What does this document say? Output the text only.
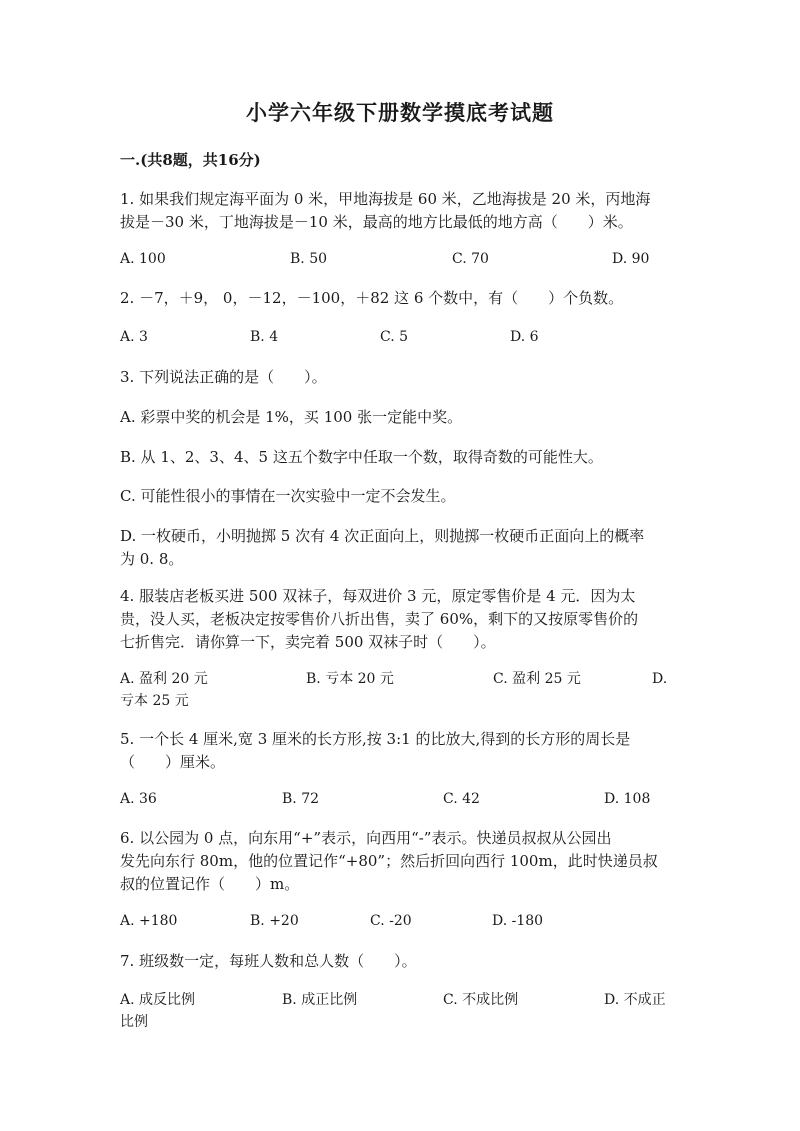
小学六年级下册数学摸底考试题
一.(共8题，共16分)
1. 如果我们规定海平面为 0 米，甲地海拔是 60 米，乙地海拔是 20 米，丙地海
拔是－30 米，丁地海拔是－10 米，最高的地方比最低的地方高（　　）米。
A. 100	B. 50	C. 70	D. 90
2. －7，＋9， 0，－12，－100，＋82 这 6 个数中，有（　　）个负数。
A. 3	B. 4	C. 5	D. 6
3. 下列说法正确的是（　　）。
A. 彩票中奖的机会是 1%，买 100 张一定能中奖。
B. 从 1、2、3、4、5 这五个数字中任取一个数，取得奇数的可能性大。
C. 可能性很小的事情在一次实验中一定不会发生。
D. 一枚硬币，小明抛掷 5 次有 4 次正面向上，则抛掷一枚硬币正面向上的概率
为 0. 8。
4. 服装店老板买进 500 双袜子，每双进价 3 元，原定零售价是 4 元．因为太
贵，没人买，老板决定按零售价八折出售，卖了 60%，剩下的又按原零售价的
七折售完．请你算一下，卖完着 500 双袜子时（　　）。
A. 盈利 20 元	B. 亏本 20 元	C. 盈利 25 元	D.
亏本 25 元
5. 一个长 4 厘米,宽 3 厘米的长方形,按 3:1 的比放大,得到的长方形的周长是
（　　）厘米。
A. 36	B. 72	C. 42	D. 108
6. 以公园为 0 点，向东用“+”表示，向西用“-”表示。快递员叔叔从公园出
发先向东行 80m，他的位置记作“+80”；然后折回向西行 100m，此时快递员叔
叔的位置记作（　　）m。
A. +180	B. +20	C. -20	D. -180
7. 班级数一定，每班人数和总人数（　　）。
A. 成反比例	B. 成正比例	C. 不成比例	D. 不成正
比例
